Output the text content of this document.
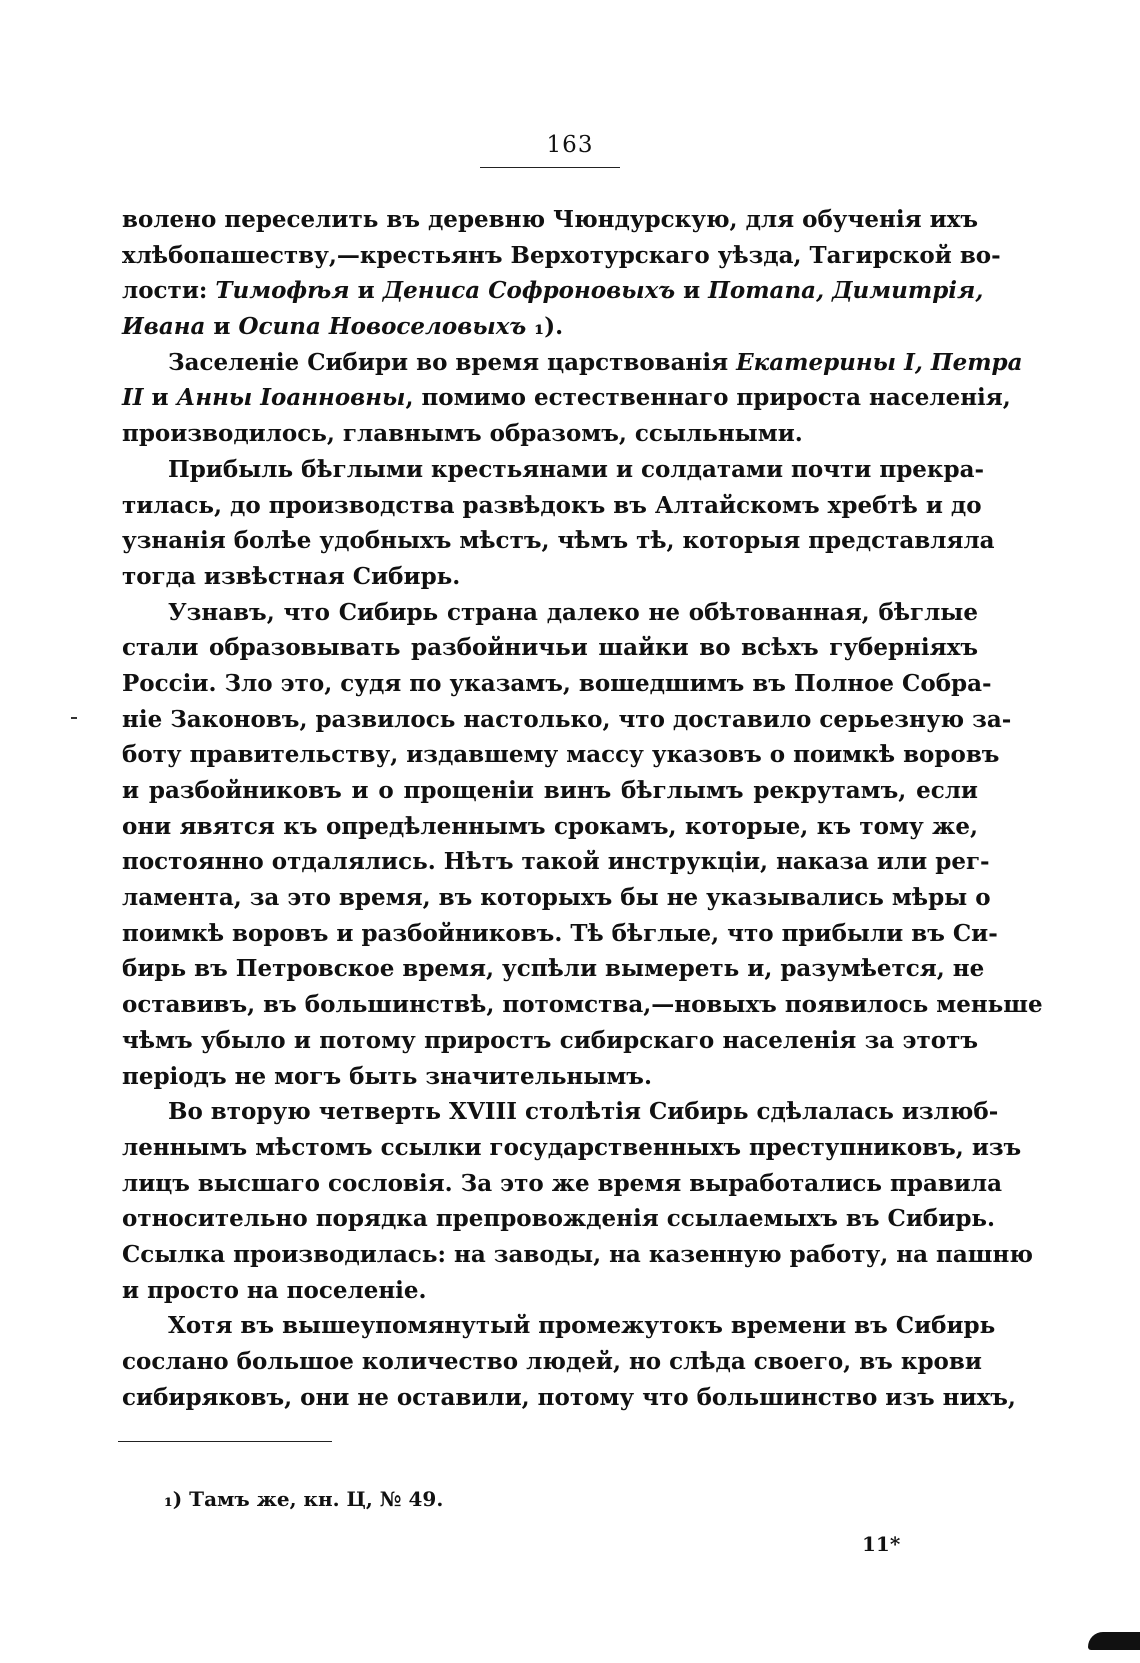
163
волено переселить въ деревню Чюндурскую, для обученія ихъ
хлѣбопашеству,—крестьянъ Верхотурскаго уѣзда, Тагирской во-
лости: Тимофѣя и Дениса Софроновыхъ и Потапа, Димитрія,
Ивана и Осипа Новоселовыхъ ₁).
Заселеніе Сибири во время царствованія Екатерины I, Петра
II и Анны Іоанновны, помимо естественнаго прироста населенія,
производилось, главнымъ образомъ, ссыльными.
Прибыль бѣглыми крестьянами и солдатами почти прекра-
тилась, до производства развѣдокъ въ Алтайскомъ хребтѣ и до
узнанія болѣе удобныхъ мѣстъ, чѣмъ тѣ, которыя представляла
тогда извѣстная Сибирь.
Узнавъ, что Сибирь страна далеко не обѣтованная, бѣглые
стали образовывать разбойничьи шайки во всѣхъ губерніяхъ
Россіи. Зло это, судя по указамъ, вошедшимъ въ Полное Собра-
ніе Законовъ, развилось настолько, что доставило серьезную за-
боту правительству, издавшему массу указовъ о поимкѣ воровъ
и разбойниковъ и о прощеніи винъ бѣглымъ рекрутамъ, если
они явятся къ опредѣленнымъ срокамъ, которые, къ тому же,
постоянно отдалялись. Нѣтъ такой инструкціи, наказа или рег-
ламента, за это время, въ которыхъ бы не указывались мѣры о
поимкѣ воровъ и разбойниковъ. Тѣ бѣглые, что прибыли въ Си-
бирь въ Петровское время, успѣли вымереть и, разумѣется, не
оставивъ, въ большинствѣ, потомства,—новыхъ появилось меньше
чѣмъ убыло и потому приростъ сибирскаго населенія за этотъ
періодъ не могъ быть значительнымъ.
Во вторую четверть XVIII столѣтія Сибирь сдѣлалась излюб-
леннымъ мѣстомъ ссылки государственныхъ преступниковъ, изъ
лицъ высшаго сословія. За это же время выработались правила
относительно порядка препровожденія ссылаемыхъ въ Сибирь.
Ссылка производилась: на заводы, на казенную работу, на пашню
и просто на поселеніе.
Хотя въ вышеупомянутый промежутокъ времени въ Сибирь
сослано большое количество людей, но слѣда своего, въ крови
сибиряковъ, они не оставили, потому что большинство изъ нихъ,
₁) Тамъ же, кн. Ц, № 49.
11*
